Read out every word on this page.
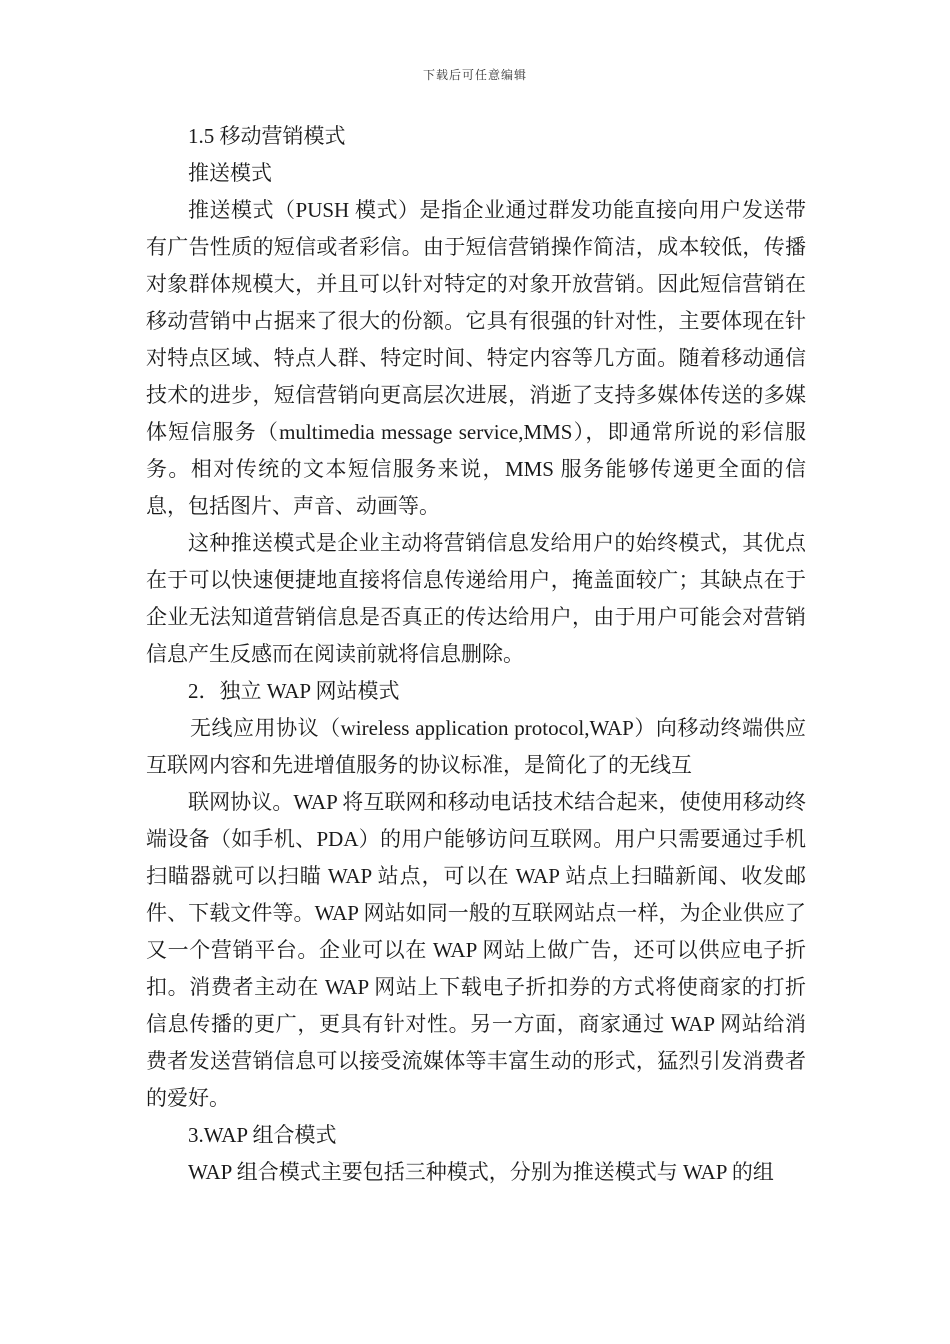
下载后可任意编辑

1.5 移动营销模式

推送模式

推送模式（PUSH 模式）是指企业通过群发功能直接向用户发送带有广告性质的短信或者彩信。由于短信营销操作简洁，成本较低，传播对象群体规模大，并且可以针对特定的对象开放营销。因此短信营销在移动营销中占据来了很大的份额。它具有很强的针对性，主要体现在针对特点区域、特点人群、特定时间、特定内容等几方面。随着移动通信技术的进步，短信营销向更高层次进展，消逝了支持多媒体传送的多媒体短信服务（multimedia message service,MMS），即通常所说的彩信服务。相对传统的文本短信服务来说，MMS 服务能够传递更全面的信息，包括图片、声音、动画等。

这种推送模式是企业主动将营销信息发给用户的始终模式，其优点在于可以快速便捷地直接将信息传递给用户，掩盖面较广；其缺点在于企业无法知道营销信息是否真正的传达给用户，由于用户可能会对营销信息产生反感而在阅读前就将信息删除。

2．独立 WAP 网站模式

无线应用协议（wireless application protocol,WAP）向移动终端供应互联网内容和先进增值服务的协议标准，是简化了的无线互

联网协议。WAP 将互联网和移动电话技术结合起来，使使用移动终端设备（如手机、PDA）的用户能够访问互联网。用户只需要通过手机扫瞄器就可以扫瞄 WAP 站点，可以在 WAP 站点上扫瞄新闻、收发邮件、下载文件等。WAP 网站如同一般的互联网站点一样，为企业供应了又一个营销平台。企业可以在 WAP 网站上做广告，还可以供应电子折扣。消费者主动在 WAP 网站上下载电子折扣券的方式将使商家的打折信息传播的更广，更具有针对性。另一方面，商家通过 WAP 网站给消费者发送营销信息可以接受流媒体等丰富生动的形式，猛烈引发消费者的爱好。

3.WAP 组合模式

WAP 组合模式主要包括三种模式，分别为推送模式与 WAP 的组
